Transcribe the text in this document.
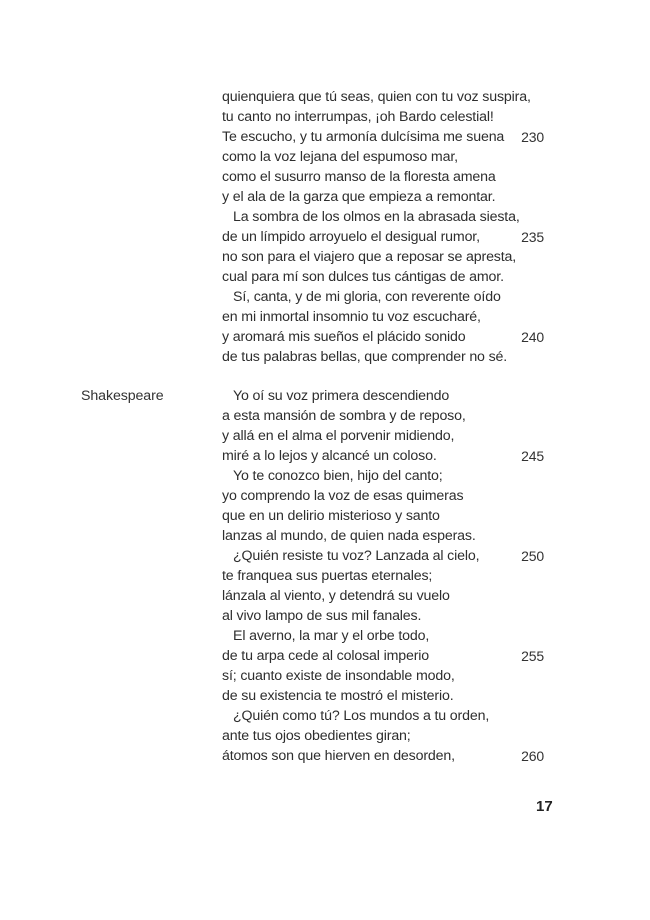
quienquiera que tú seas, quien con tu voz suspira,
tu canto no interrumpas, ¡oh Bardo celestial!
Te escucho, y tu armonía dulcísima me suena 230
como la voz lejana del espumoso mar,
como el susurro manso de la floresta amena
y el ala de la garza que empieza a remontar.
La sombra de los olmos en la abrasada siesta,
de un límpido arroyuelo el desigual rumor,	235
no son para el viajero que a reposar se apresta,
cual para mí son dulces tus cántigas de amor.
Sí, canta, y de mi gloria, con reverente oído
en mi inmortal insomnio tu voz escucharé,
y aromará mis sueños el plácido sonido	240
de tus palabras bellas, que comprender no sé.
Shakespeare	Yo oí su voz primera descendiendo
a esta mansión de sombra y de reposo,
y allá en el alma el porvenir midiendo,
miré a lo lejos y alcancé un coloso.	245
Yo te conozco bien, hijo del canto;
yo comprendo la voz de esas quimeras
que en un delirio misterioso y santo
lanzas al mundo, de quien nada esperas.
¿Quién resiste tu voz? Lanzada al cielo,	250
te franquea sus puertas eternales;
lánzala al viento, y detendrá su vuelo
al vivo lampo de sus mil fanales.
El averno, la mar y el orbe todo,
de tu arpa cede al colosal imperio	255
sí; cuanto existe de insondable modo,
de su existencia te mostró el misterio.
¿Quién como tú? Los mundos a tu orden,
ante tus ojos obedientes giran;
átomos son que hierven en desorden,	260
17
